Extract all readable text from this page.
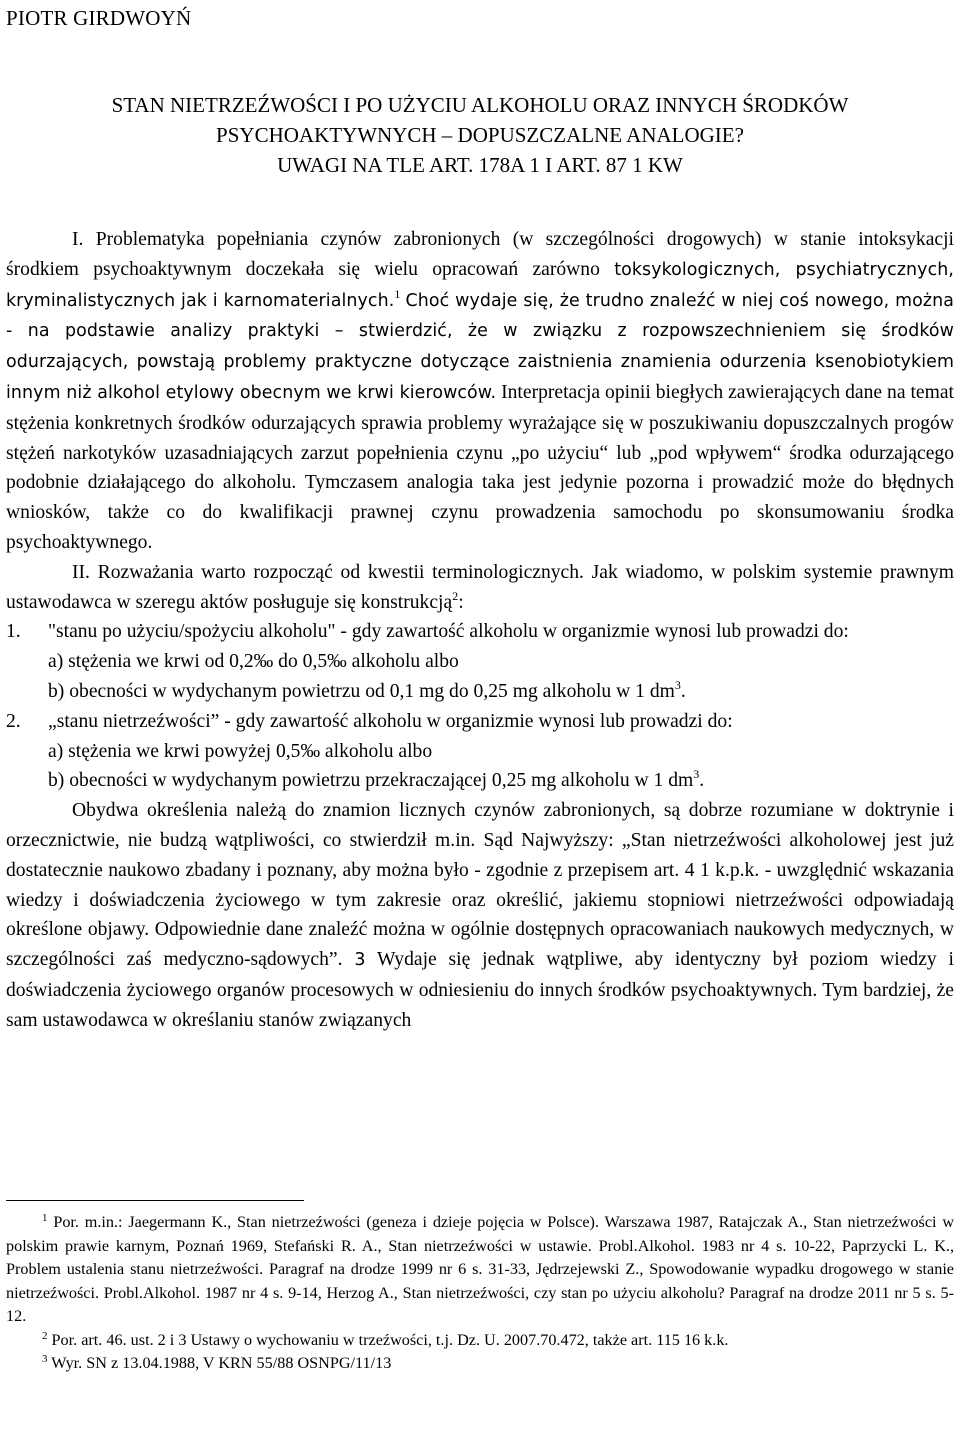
PIOTR GIRDWOYŃ
STAN NIETRZEŹWOŚCI I PO UŻYCIU ALKOHOLU ORAZ INNYCH ŚRODKÓW
PSYCHOAKTYWNYCH – DOPUSZCZALNE ANALOGIE?
UWAGI NA TLE ART. 178A 1 I ART. 87 1 KW

I. Problematyka popełniania czynów zabronionych (w szczególności drogowych) w stanie intoksykacji środkiem psychoaktywnym doczekała się wielu opracowań zarówno toksykologicznych, psychiatrycznych, kryminalistycznych jak i karnomaterialnych.$^1$ Choć wydaje się, że trudno znaleźć w niej coś nowego, można - na podstawie analizy praktyki – stwierdzić, że w związku z rozpowszechnieniem się środków odurzających, powstają problemy praktyczne dotyczące zaistnienia znamienia odurzenia ksenobiotykiem innym niż alkohol etylowy obecnym we krwi kierowców. Interpretacja opinii biegłych zawierających dane na temat stężenia konkretnych środków odurzających sprawia problemy wyrażające się w poszukiwaniu dopuszczalnych progów stężeń narkotyków uzasadniających zarzut popełnienia czynu „po użyciu“ lub „pod wpływem“ środka odurzającego podobnie działającego do alkoholu. Tymczasem analogia taka jest jedynie pozorna i prowadzić może do błędnych wniosków, także co do kwalifikacji prawnej czynu prowadzenia samochodu po skonsumowaniu środka psychoaktywnego.

II. Rozważania warto rozpocząć od kwestii terminologicznych. Jak wiadomo, w polskim systemie prawnym ustawodawca w szeregu aktów posługuje się konstrukcją$^2$:

1.	"stanu po użyciu/spożyciu alkoholu" - gdy zawartość alkoholu w organizmie wynosi lub prowadzi do:
a) stężenia we krwi od 0,2‰ do 0,5‰ alkoholu albo
b) obecności w wydychanym powietrzu od 0,1 mg do 0,25 mg alkoholu w 1 $dm^3$.
2.	„stanu nietrzeźwości” - gdy zawartość alkoholu w organizmie wynosi lub prowadzi do:
a) stężenia we krwi powyżej 0,5‰ alkoholu albo
b) obecności w wydychanym powietrzu przekraczającej 0,25 mg alkoholu w 1 $dm^3$.

Obydwa określenia należą do znamion licznych czynów zabronionych, są dobrze rozumiane w doktrynie i orzecznictwie, nie budzą wątpliwości, co stwierdził m.in. Sąd Najwyższy: „Stan nietrzeźwości alkoholowej jest już dostatecznie naukowo zbadany i poznany, aby można było - zgodnie z przepisem art. 4 1 k.p.k. - uwzględnić wskazania wiedzy i doświadczenia życiowego w tym zakresie oraz określić, jakiemu stopniowi nietrzeźwości odpowiadają określone objawy. Odpowiednie dane znaleźć można w ogólnie dostępnych opracowaniach naukowych medycznych, w szczególności zaś medyczno-sądowych”. 3 Wydaje się jednak wątpliwe, aby identyczny był poziom wiedzy i doświadczenia życiowego organów procesowych w odniesieniu do innych środków psychoaktywnych. Tym bardziej, że sam ustawodawca w określaniu stanów związanych

$^1$ Por. m.in.: Jaegermann K., Stan nietrzeźwości (geneza i dzieje pojęcia w Polsce). Warszawa 1987, Ratajczak A., Stan nietrzeźwości w polskim prawie karnym, Poznań 1969, Stefański R. A., Stan nietrzeźwości w ustawie. Probl.Alkohol. 1983 nr 4 s. 10-22, Paprzycki L. K., Problem ustalenia stanu nietrzeźwości. Paragraf na drodze 1999 nr 6 s. 31-33, Jędrzejewski Z., Spowodowanie wypadku drogowego w stanie nietrzeźwości. Probl.Alkohol. 1987 nr 4 s. 9-14, Herzog A., Stan nietrzeźwości, czy stan po użyciu alkoholu? Paragraf na drodze 2011 nr 5 s. 5-12.

$^2$ Por. art. 46. ust. 2 i 3 Ustawy o wychowaniu w trzeźwości, t.j. Dz. U. 2007.70.472, także art. 115 16 k.k.

$^3$ Wyr. SN z 13.04.1988, V KRN 55/88 OSNPG/11/13
